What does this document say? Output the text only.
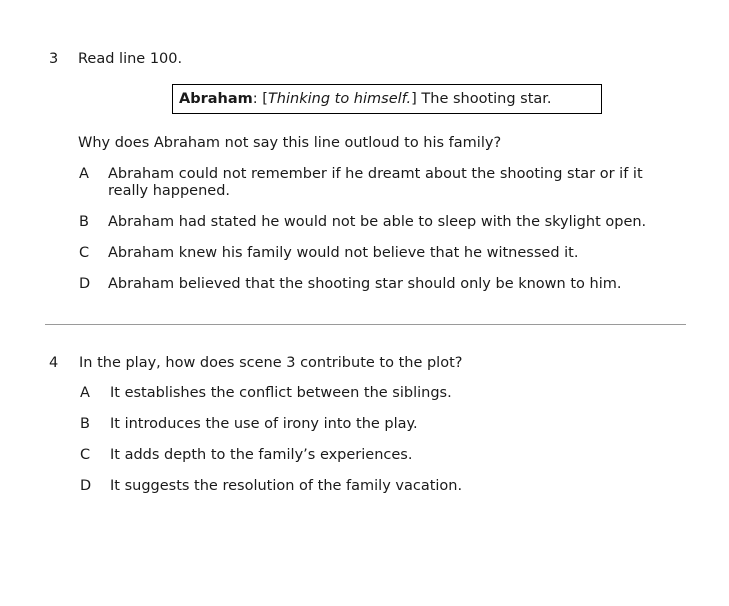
3 Read line 100.
Abraham :
[ Thinking to himself. ]
The shooting star.
Why does Abraham not say this line outloud to his family?
A Abraham could not remember if he dreamt about the shooting star or if it
really happened.
B Abraham had stated he would not be able to sleep with the skylight open.
C Abraham knew his family would not believe that he witnessed it.
D Abraham believed that the shooting star should only be known to him.
4 In the play, how does scene 3 contribute to the plot?
A It establishes the conflict between the siblings.
B It introduces the use of irony into the play.
C It adds depth to the family’s experiences.
D It suggests the resolution of the family vacation.
